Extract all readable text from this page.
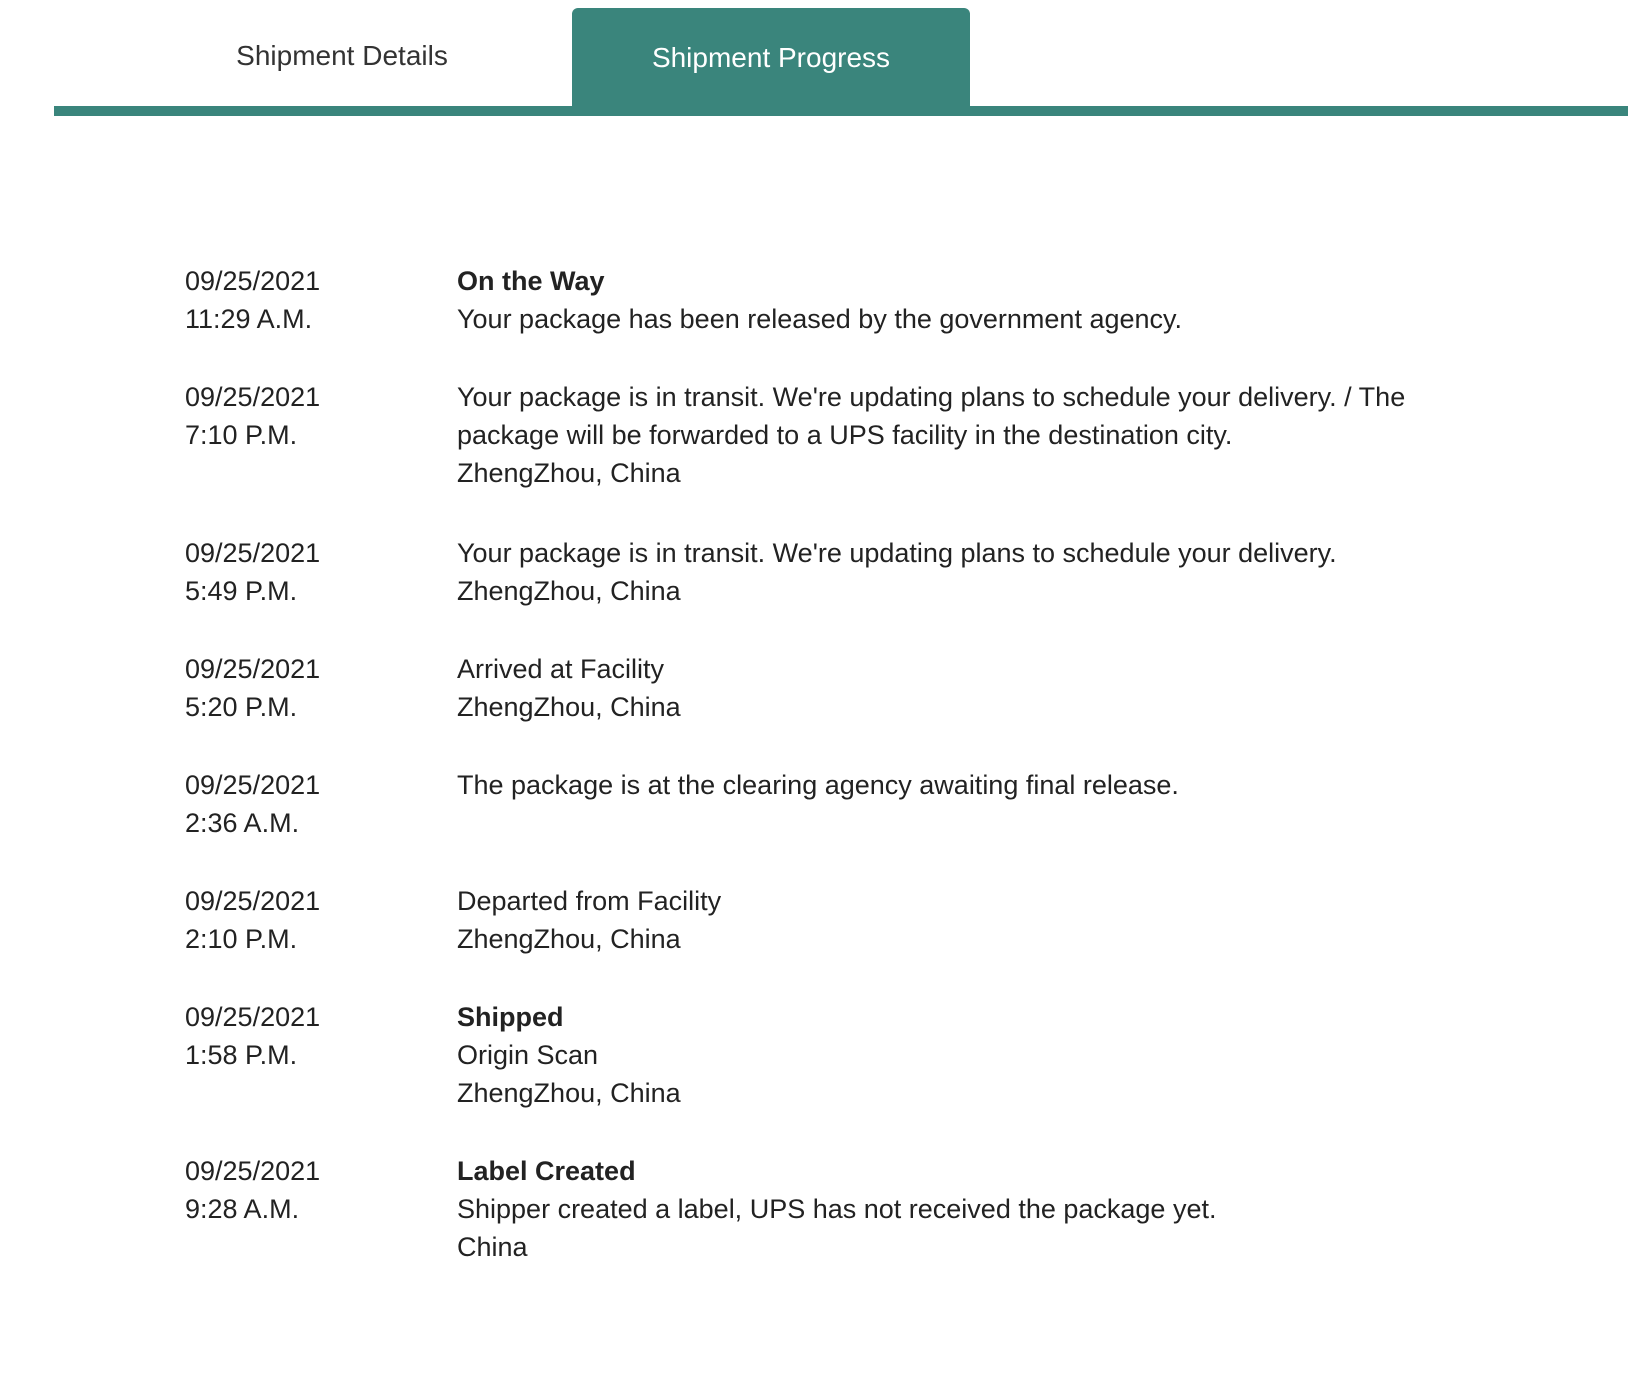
Shipment Details	Shipment Progress
09/25/2021
11:29 A.M.
On the Way
Your package has been released by the government agency.
09/25/2021
7:10 P.M.
Your package is in transit. We're updating plans to schedule your delivery. / The package will be forwarded to a UPS facility in the destination city.
ZhengZhou, China
09/25/2021
5:49 P.M.
Your package is in transit. We're updating plans to schedule your delivery.
ZhengZhou, China
09/25/2021
5:20 P.M.
Arrived at Facility
ZhengZhou, China
09/25/2021
2:36 A.M.
The package is at the clearing agency awaiting final release.
09/25/2021
2:10 P.M.
Departed from Facility
ZhengZhou, China
09/25/2021
1:58 P.M.
Shipped
Origin Scan
ZhengZhou, China
09/25/2021
9:28 A.M.
Label Created
Shipper created a label, UPS has not received the package yet.
China
